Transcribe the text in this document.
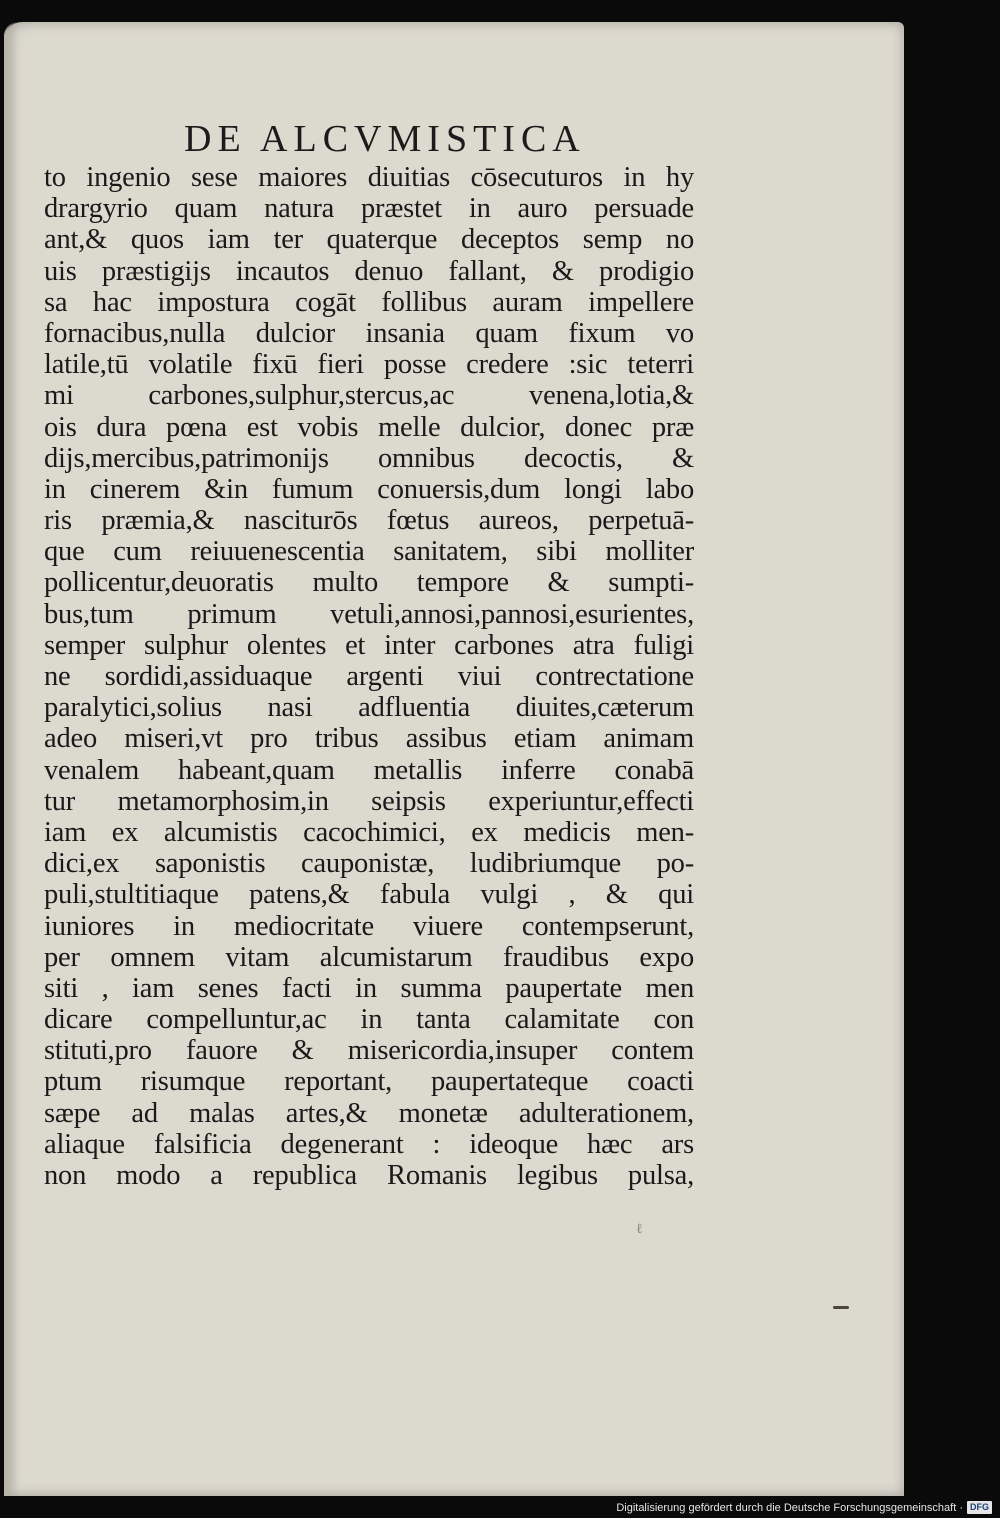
DE ALCVMISTICA
to ingenio sese maiores diuitias cōsecuturos in hy
drargyrio quam natura præstet in auro persuade
ant,& quos iam ter quaterque deceptos semp no
uis præstigijs incautos denuo fallant, & prodigio
sa hac impostura cogāt follibus auram impellere
fornacibus,nulla dulcior insania quam fixum vo
latile,tū volatile fixū fieri posse credere :sic teterri
mi carbones,sulphur,stercus,ac venena,lotia,&
ois dura pœna est vobis melle dulcior, donec præ
dijs,mercibus,patrimonijs omnibus decoctis, &
in cinerem &in fumum conuersis,dum longi labo
ris præmia,& nasciturōs fœtus aureos, perpetuā-
que cum reiuuenescentia sanitatem, sibi molliter
pollicentur,deuoratis multo tempore & sumpti-
bus,tum primum vetuli,annosi,pannosi,esurientes,
semper sulphur olentes et inter carbones atra fuligi
ne sordidi,assiduaque argenti viui contrectatione
paralytici,solius nasi adfluentia diuites,cæterum
adeo miseri,vt pro tribus assibus etiam animam
venalem habeant,quam metallis inferre conabā
tur metamorphosim,in seipsis experiuntur,effecti
iam ex alcumistis cacochimici, ex medicis men-
dici,ex saponistis cauponistæ, ludibriumque po-
puli,stultitiaque patens,& fabula vulgi , & qui
iuniores in mediocritate viuere contempserunt,
per omnem vitam alcumistarum fraudibus expo
siti , iam senes facti in summa paupertate men
dicare compelluntur,ac in tanta calamitate con
stituti,pro fauore & misericordia,insuper contem
ptum risumque reportant, paupertateque coacti
sæpe ad malas artes,& monetæ adulterationem,
aliaque falsificia degenerant : ideoque hæc ars
non modo a republica Romanis legibus pulsa,
ℓ
Digitalisierung gefördert durch die Deutsche Forschungsgemeinschaft · DFG
